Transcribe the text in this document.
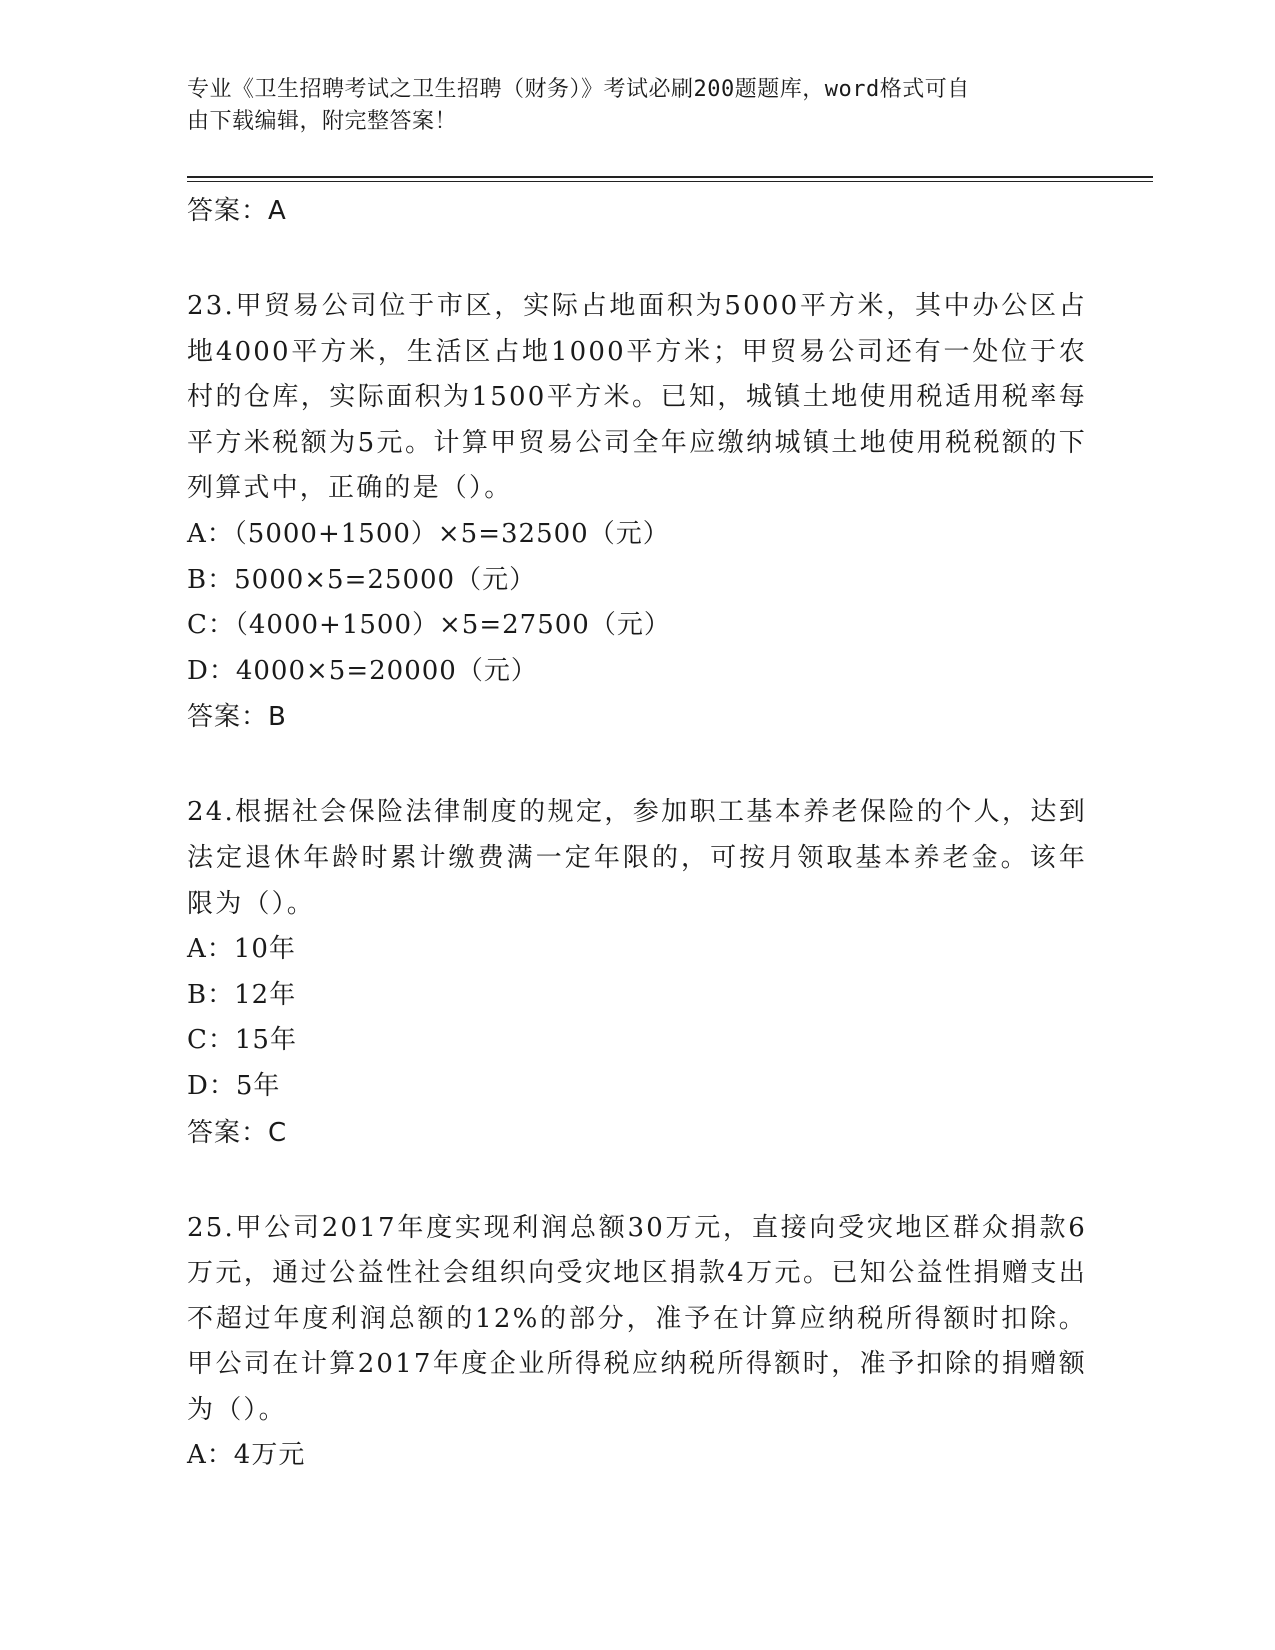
专业《卫生招聘考试之卫生招聘（财务）》考试必刷200题题库，word格式可自
由下载编辑，附完整答案！
答案：A
23.甲贸易公司位于市区，实际占地面积为5000平方米，其中办公区占地4000平方米，生活区占地1000平方米；甲贸易公司还有一处位于农村的仓库，实际面积为1500平方米。已知，城镇土地使用税适用税率每平方米税额为5元。计算甲贸易公司全年应缴纳城镇土地使用税税额的下列算式中，正确的是（）。
A：（5000+1500）×5=32500（元）
B：5000×5=25000（元）
C：（4000+1500）×5=27500（元）
D：4000×5=20000（元）
答案：B
24.根据社会保险法律制度的规定，参加职工基本养老保险的个人，达到法定退休年龄时累计缴费满一定年限的，可按月领取基本养老金。该年限为（）。
A：10年
B：12年
C：15年
D：5年
答案：C
25.甲公司2017年度实现利润总额30万元，直接向受灾地区群众捐款6万元，通过公益性社会组织向受灾地区捐款4万元。已知公益性捐赠支出不超过年度利润总额的12%的部分，准予在计算应纳税所得额时扣除。甲公司在计算2017年度企业所得税应纳税所得额时，准予扣除的捐赠额为（）。
A：4万元
